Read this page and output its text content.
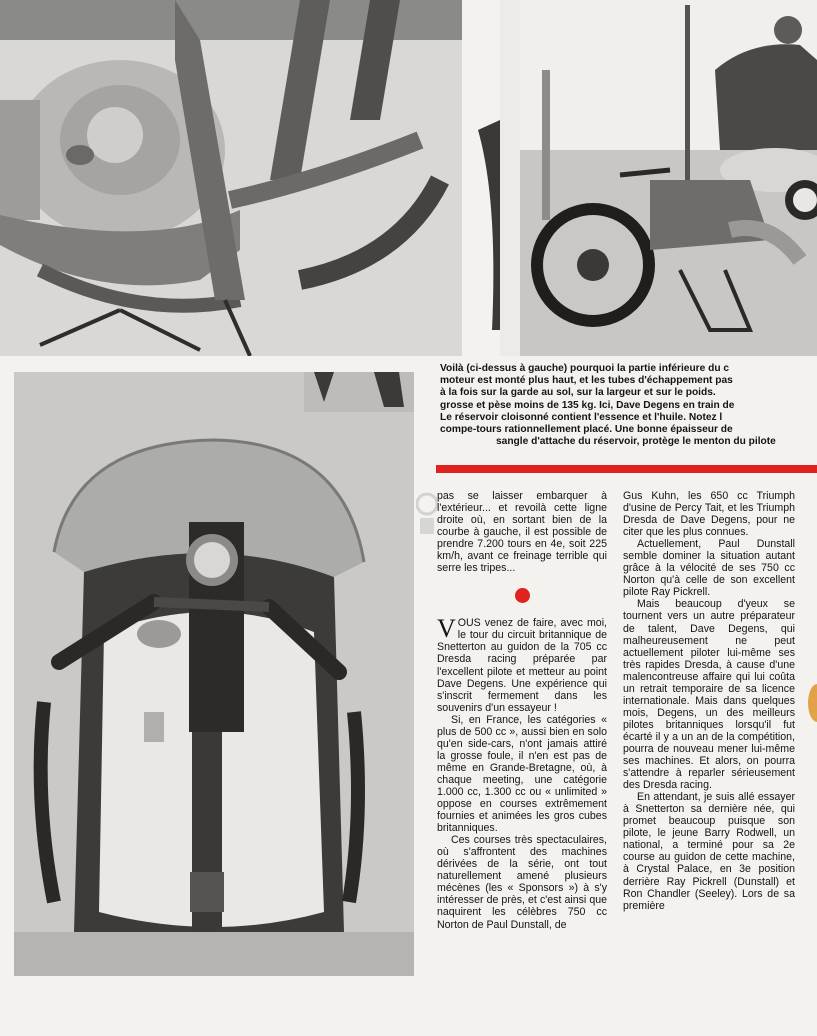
Voilà (ci-dessus à gauche) pourquoi la partie inférieure du c
moteur est monté plus haut, et les tubes d'échappement pas
à la fois sur la garde au sol, sur la largeur et sur le poids.
grosse et pèse moins de 135 kg. Ici, Dave Degens en train de
Le réservoir cloisonné contient l'essence et l'huile. Notez l
compe-tours rationnellement placé. Une bonne épaisseur de
sangle d'attache du réservoir, protège le menton du pilote

pas se laisser embarquer à l'extérieur... et revoilà cette ligne droite où, en sortant bien de la courbe à gauche, il est possible de prendre 7.200 tours en 4e, soit 225 km/h, avant ce freinage terrible qui serre les tripes...

VOUS venez de faire, avec moi, le tour du circuit britannique de Snetterton au guidon de la 705 cc Dresda racing préparée par l'excellent pilote et metteur au point Dave Degens. Une expérience qui s'inscrit fermement dans les souvenirs d'un essayeur !

Si, en France, les catégories « plus de 500 cc », aussi bien en solo qu'en side-cars, n'ont jamais attiré la grosse foule, il n'en est pas de même en Grande-Bretagne, où, à chaque meeting, une catégorie 1.000 cc, 1.300 cc ou « unlimited » oppose en courses extrêmement fournies et animées les gros cubes britanniques.

Ces courses très spectaculaires, où s'affrontent des machines dérivées de la série, ont tout naturellement amené plusieurs mécènes (les « Sponsors ») à s'y intéresser de près, et c'est ainsi que naquirent les célèbres 750 cc Norton de Paul Dunstall, de

Gus Kuhn, les 650 cc Triumph d'usine de Percy Tait, et les Triumph Dresda de Dave Degens, pour ne citer que les plus connues.

Actuellement, Paul Dunstall semble dominer la situation autant grâce à la vélocité de ses 750 cc Norton qu'à celle de son excellent pilote Ray Pickrell.

Mais beaucoup d'yeux se tournent vers un autre préparateur de talent, Dave Degens, qui malheureusement ne peut actuellement piloter lui-même ses très rapides Dresda, à cause d'une malencontreuse affaire qui lui coûta un retrait temporaire de sa licence internationale. Mais dans quelques mois, Degens, un des meilleurs pilotes britanniques lorsqu'il fut écarté il y a un an de la compétition, pourra de nouveau mener lui-même ses machines. Et alors, on pourra s'attendre à reparler sérieusement des Dresda racing.

En attendant, je suis allé essayer à Snetterton sa dernière née, qui promet beaucoup puisque son pilote, le jeune Barry Rodwell, un national, a terminé pour sa 2e course au guidon de cette machine, à Crystal Palace, en 3e position derrière Ray Pickrell (Dunstall) et Ron Chandler (Seeley). Lors de sa première
